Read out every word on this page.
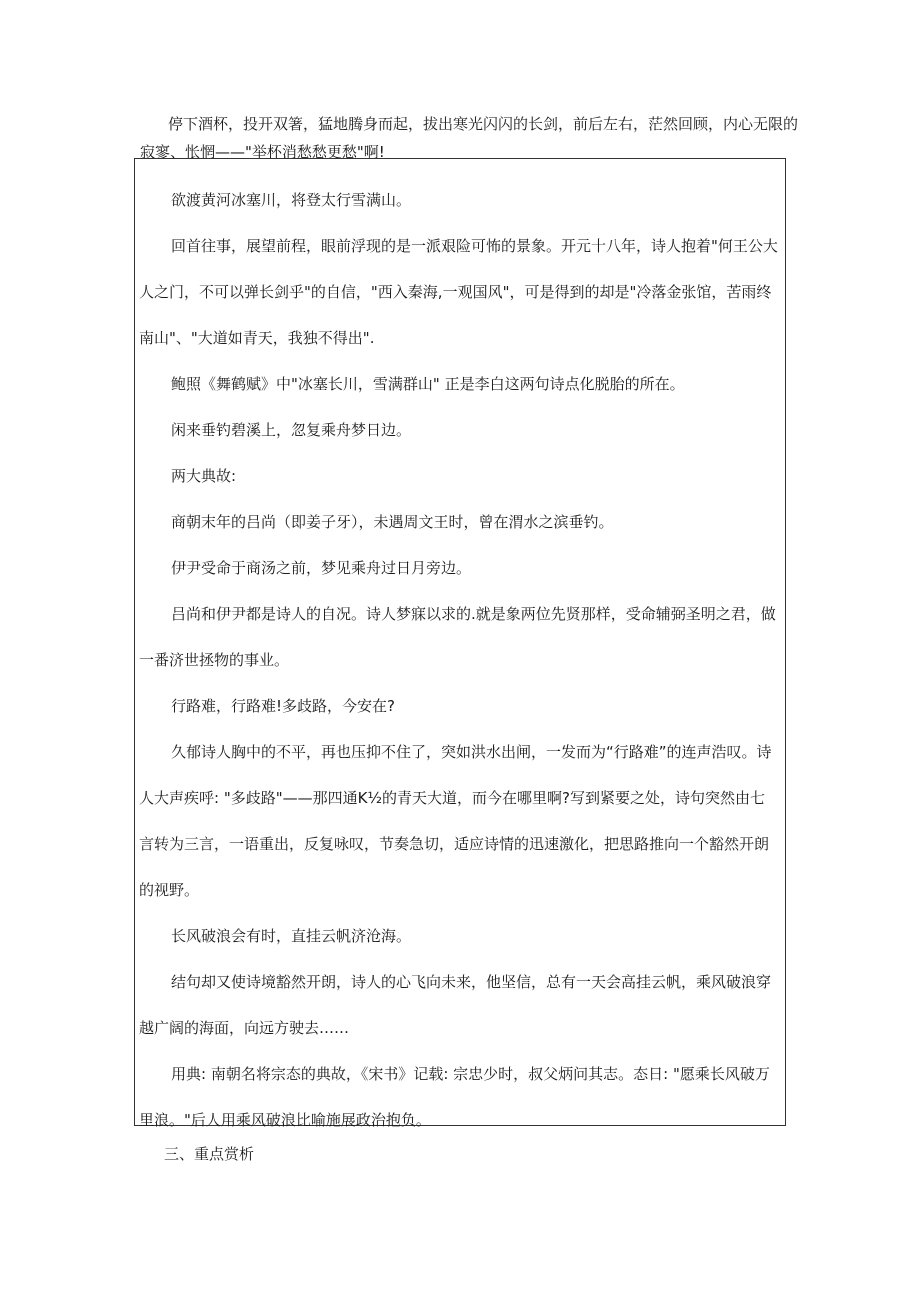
停下酒杯，投开双箸，猛地腾身而起，拔出寒光闪闪的长剑，前后左右，茫然回顾，内心无限的寂寥、怅惘——"举杯消愁愁更愁"啊!

欲渡黄河冰塞川，将登太行雪满山。

回首往事，展望前程，眼前浮现的是一派艰险可怖的景象。开元十八年，诗人抱着"何王公大人之门，不可以弹长剑乎"的自信，"西入秦海,一观国风"，可是得到的却是"冷落金张馆，苦雨终南山"、"大道如青天，我独不得出".

鲍照《舞鹤赋》中"冰塞长川，雪满群山" 正是李白这两句诗点化脱胎的所在。

闲来垂钓碧溪上，忽复乘舟梦日边。

两大典故:

商朝末年的吕尚（即姜子牙），未遇周文王时，曾在渭水之滨垂钓。

伊尹受命于商汤之前，梦见乘舟过日月旁边。

吕尚和伊尹都是诗人的自况。诗人梦寐以求的.就是象两位先贤那样，受命辅弼圣明之君，做一番济世拯物的事业。

行路难，行路难!多歧路，今安在?

久郁诗人胸中的不平，再也压抑不住了，突如洪水出闸，一发而为“行路难”的连声浩叹。诗人大声疾呼: "多歧路"——那四通K½的青天大道，而今在哪里啊?写到紧要之处，诗句突然由七言转为三言，一语重出，反复咏叹，节奏急切，适应诗情的迅速激化，把思路推向一个豁然开朗的视野。

长风破浪会有时，直挂云帆济沧海。

结句却又使诗境豁然开朗，诗人的心飞向未来，他坚信，总有一天会高挂云帆，乘风破浪穿越广阔的海面，向远方驶去……

用典: 南朝名将宗态的典故，《宋书》记载: 宗忠少时，叔父炳问其志。态日: "愿乘长风破万里浪。"后人用乘风破浪比喻施展政治抱负。

三、重点赏析
